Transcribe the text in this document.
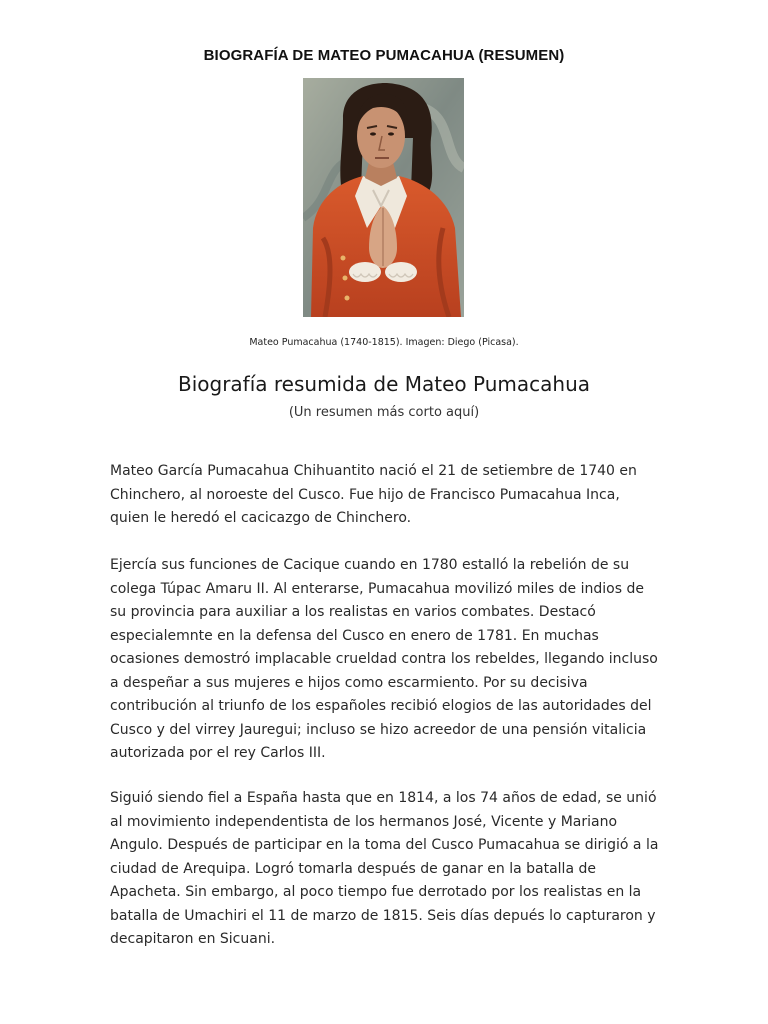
BIOGRAFÍA DE MATEO PUMACAHUA (RESUMEN)
Mateo Pumacahua (1740-1815). Imagen: Diego (Picasa).
Biografía resumida de Mateo Pumacahua
(Un resumen más corto aquí)

Mateo García Pumacahua Chihuantito nació el 21 de setiembre de 1740 en Chinchero, al noroeste del Cusco. Fue hijo de Francisco Pumacahua Inca, quien le heredó el cacicazgo de Chinchero.

Ejercía sus funciones de Cacique cuando en 1780 estalló la rebelión de su colega Túpac Amaru II. Al enterarse, Pumacahua movilizó miles de indios de su provincia para auxiliar a los realistas en varios combates. Destacó especialemnte en la defensa del Cusco en enero de 1781. En muchas ocasiones demostró implacable crueldad contra los rebeldes, llegando incluso a despeñar a sus mujeres e hijos como escarmiento. Por su decisiva contribución al triunfo de los españoles recibió elogios de las autoridades del Cusco y del virrey Jauregui; incluso se hizo acreedor de una pensión vitalicia autorizada por el rey Carlos III.

Siguió siendo fiel a España hasta que en 1814, a los 74 años de edad, se unió al movimiento independentista de los hermanos José, Vicente y Mariano Angulo. Después de participar en la toma del Cusco Pumacahua se dirigió a la ciudad de Arequipa. Logró tomarla después de ganar en la batalla de Apacheta. Sin embargo, al poco tiempo fue derrotado por los realistas en la batalla de Umachiri el 11 de marzo de 1815. Seis días depués lo capturaron y decapitaron en Sicuani.
